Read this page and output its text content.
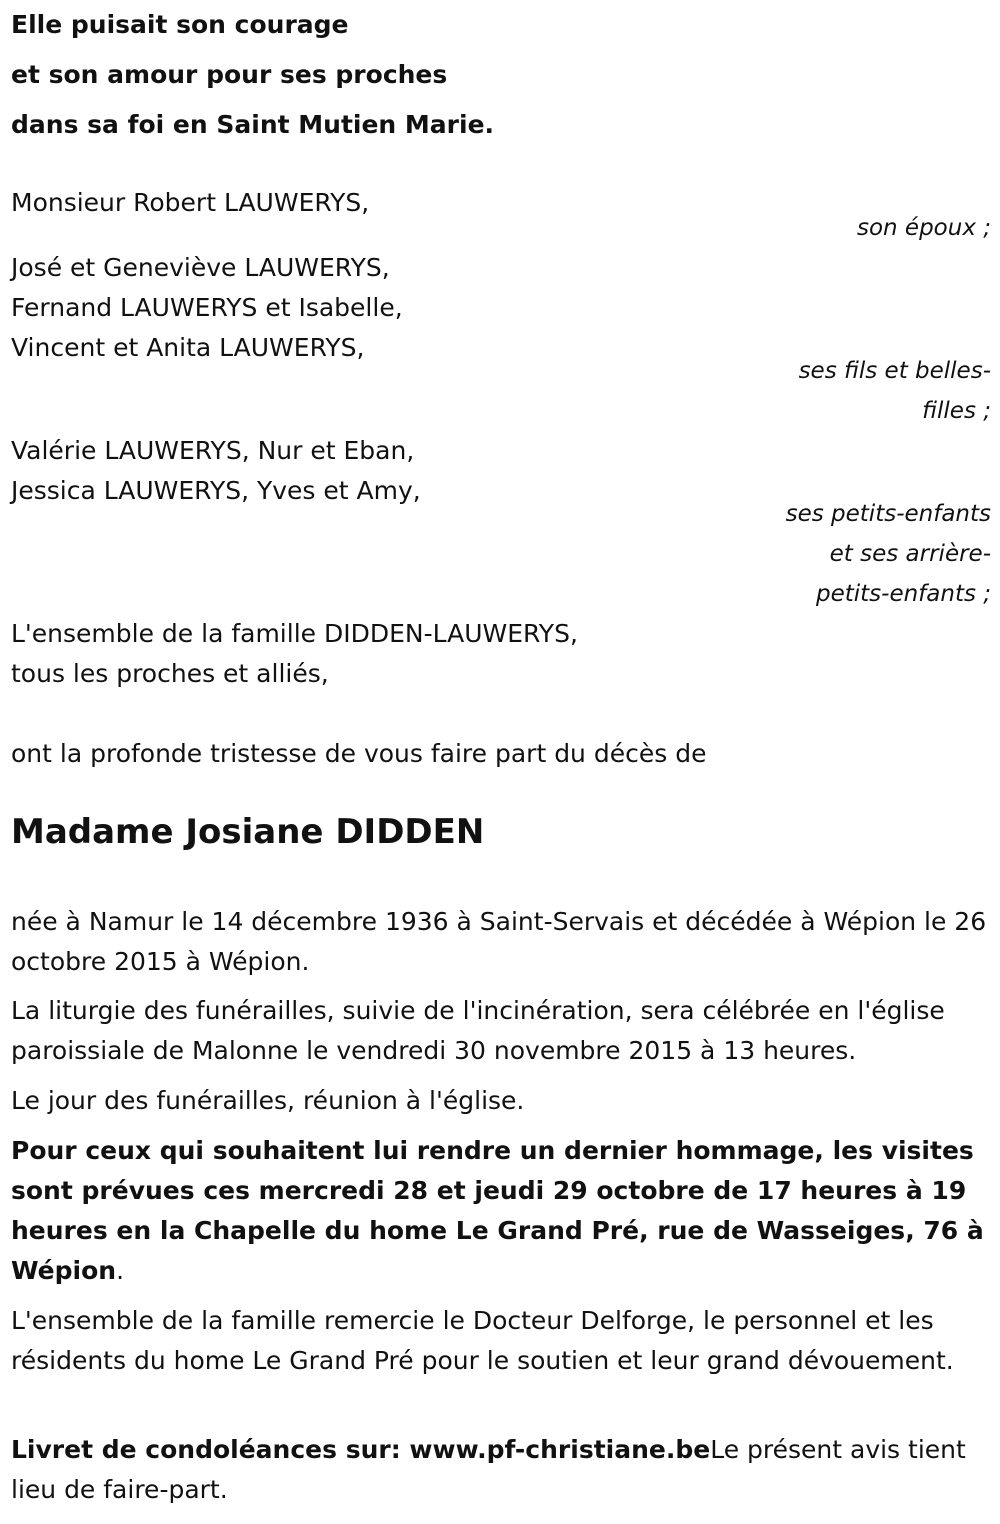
Elle puisait son courage
et son amour pour ses proches
dans sa foi en Saint Mutien Marie.
Monsieur Robert LAUWERYS,
son époux ;
José et Geneviève LAUWERYS,
Fernand LAUWERYS et Isabelle,
Vincent et Anita LAUWERYS,
ses fils et belles-
filles ;
Valérie LAUWERYS, Nur et Eban,
Jessica LAUWERYS, Yves et Amy,
ses petits-enfants
et ses arrière-
petits-enfants ;
L'ensemble de la famille DIDDEN-LAUWERYS,
tous les proches et alliés,
ont la profonde tristesse de vous faire part du décès de
Madame Josiane DIDDEN
née à Namur le 14 décembre 1936 à Saint-Servais et décédée à Wépion le 26 octobre 2015 à Wépion.
La liturgie des funérailles, suivie de l'incinération, sera célébrée en l'église paroissiale de Malonne le vendredi 30 novembre 2015 à 13 heures.
Le jour des funérailles, réunion à l'église.
Pour ceux qui souhaitent lui rendre un dernier hommage, les visites sont prévues ces mercredi 28 et jeudi 29 octobre de 17 heures à 19 heures en la Chapelle du home Le Grand Pré, rue de Wasseiges, 76 à Wépion.
L'ensemble de la famille remercie le Docteur Delforge, le personnel et les résidents du home Le Grand Pré pour le soutien et leur grand dévouement.
Livret de condoléances sur: www.pf-christiane.beLe présent avis tient lieu de faire-part.
